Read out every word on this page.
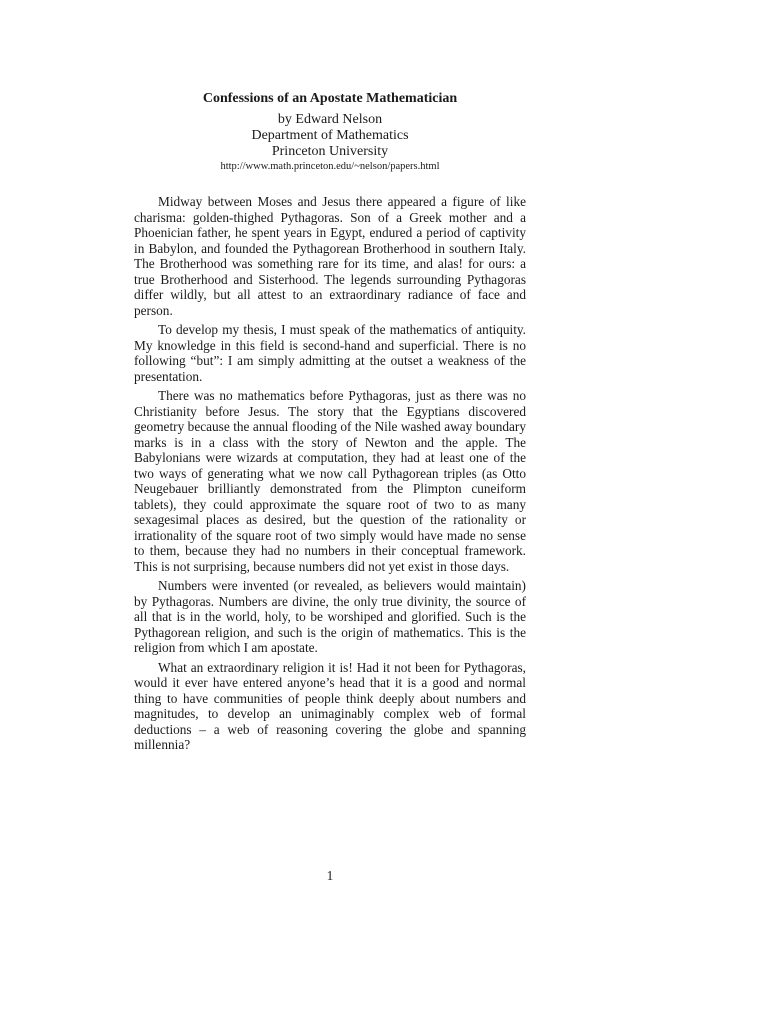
Confessions of an Apostate Mathematician

by Edward Nelson

Department of Mathematics

Princeton University

http://www.math.princeton.edu/~nelson/papers.html

Midway between Moses and Jesus there appeared a figure of like charisma: golden-thighed Pythagoras. Son of a Greek mother and a Phoenician father, he spent years in Egypt, endured a period of captivity in Babylon, and founded the Pythagorean Brotherhood in southern Italy. The Brotherhood was something rare for its time, and alas! for ours: a true Brotherhood and Sisterhood. The legends surrounding Pythagoras differ wildly, but all attest to an extraordinary radiance of face and person.

To develop my thesis, I must speak of the mathematics of antiquity. My knowledge in this field is second-hand and superficial. There is no following “but”: I am simply admitting at the outset a weakness of the presentation.

There was no mathematics before Pythagoras, just as there was no Christianity before Jesus. The story that the Egyptians discovered geometry because the annual flooding of the Nile washed away boundary marks is in a class with the story of Newton and the apple. The Babylonians were wizards at computation, they had at least one of the two ways of generating what we now call Pythagorean triples (as Otto Neugebauer brilliantly demonstrated from the Plimpton cuneiform tablets), they could approximate the square root of two to as many sexagesimal places as desired, but the question of the rationality or irrationality of the square root of two simply would have made no sense to them, because they had no numbers in their conceptual framework. This is not surprising, because numbers did not yet exist in those days.

Numbers were invented (or revealed, as believers would maintain) by Pythagoras. Numbers are divine, the only true divinity, the source of all that is in the world, holy, to be worshiped and glorified. Such is the Pythagorean religion, and such is the origin of mathematics. This is the religion from which I am apostate.

What an extraordinary religion it is! Had it not been for Pythagoras, would it ever have entered anyone’s head that it is a good and normal thing to have communities of people think deeply about numbers and magnitudes, to develop an unimaginably complex web of formal deductions – a web of reasoning covering the globe and spanning millennia?

1
